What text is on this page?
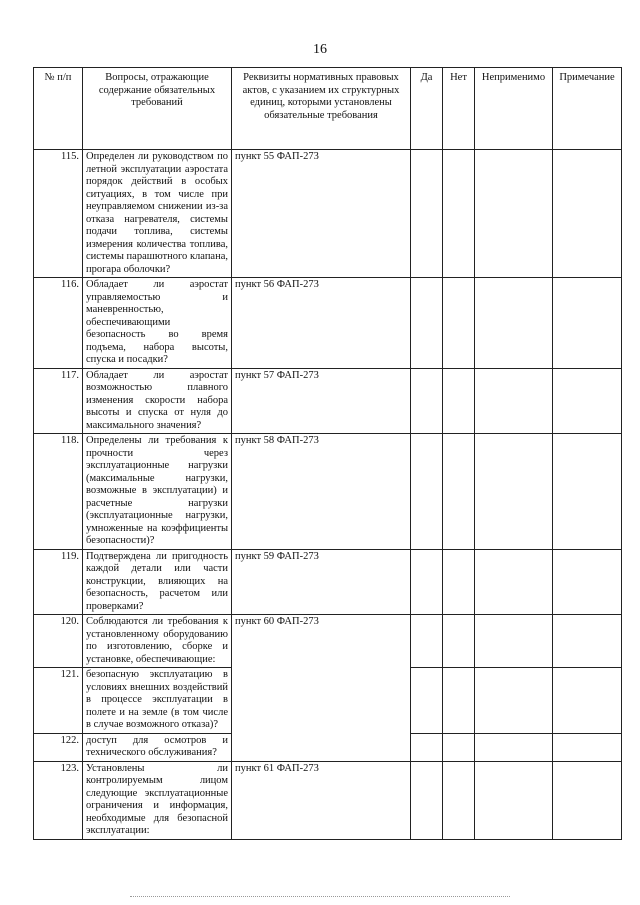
16
№ п/п	Вопросы, отражающие содержание обязательных требований	Реквизиты нормативных правовых актов, с указанием их структурных единиц, которыми установлены обязательные требования	Да	Нет	Неприменимо	Примечание
115.	Определен ли руководством по летной эксплуатации аэростата порядок действий в особых ситуациях, в том числе при неуправляемом снижении из-за отказа нагревателя, системы подачи топлива, системы измерения количества топлива, системы парашютного клапана, прогара оболочки?	пункт 55 ФАП-273				
116.	Обладает ли аэростат управляемостью и маневренностью, обеспечивающими безопасность во время подъема, набора высоты, спуска и посадки?	пункт 56 ФАП-273				
117.	Обладает ли аэростат возможностью плавного изменения скорости набора высоты и спуска от нуля до максимального значения?	пункт 57 ФАП-273				
118.	Определены ли требования к прочности через эксплуатационные нагрузки (максимальные нагрузки, возможные в эксплуатации) и расчетные нагрузки (эксплуатационные нагрузки, умноженные на коэффициенты безопасности)?	пункт 58 ФАП-273				
119.	Подтверждена ли пригодность каждой детали или части конструкции, влияющих на безопасность, расчетом или проверками?	пункт 59 ФАП-273				
120.	Соблюдаются ли требования к установленному оборудованию по изготовлению, сборке и установке, обеспечивающие:	пункт 60 ФАП-273				
121.	безопасную эксплуатацию в условиях внешних воздействий в процессе эксплуатации в полете и на земле (в том числе в случае возможного отказа)?					
122.	доступ для осмотров и технического обслуживания?					
123.	Установлены ли контролируемым лицом следующие эксплуатационные ограничения и информация, необходимые для безопасной эксплуатации:	пункт 61 ФАП-273				
